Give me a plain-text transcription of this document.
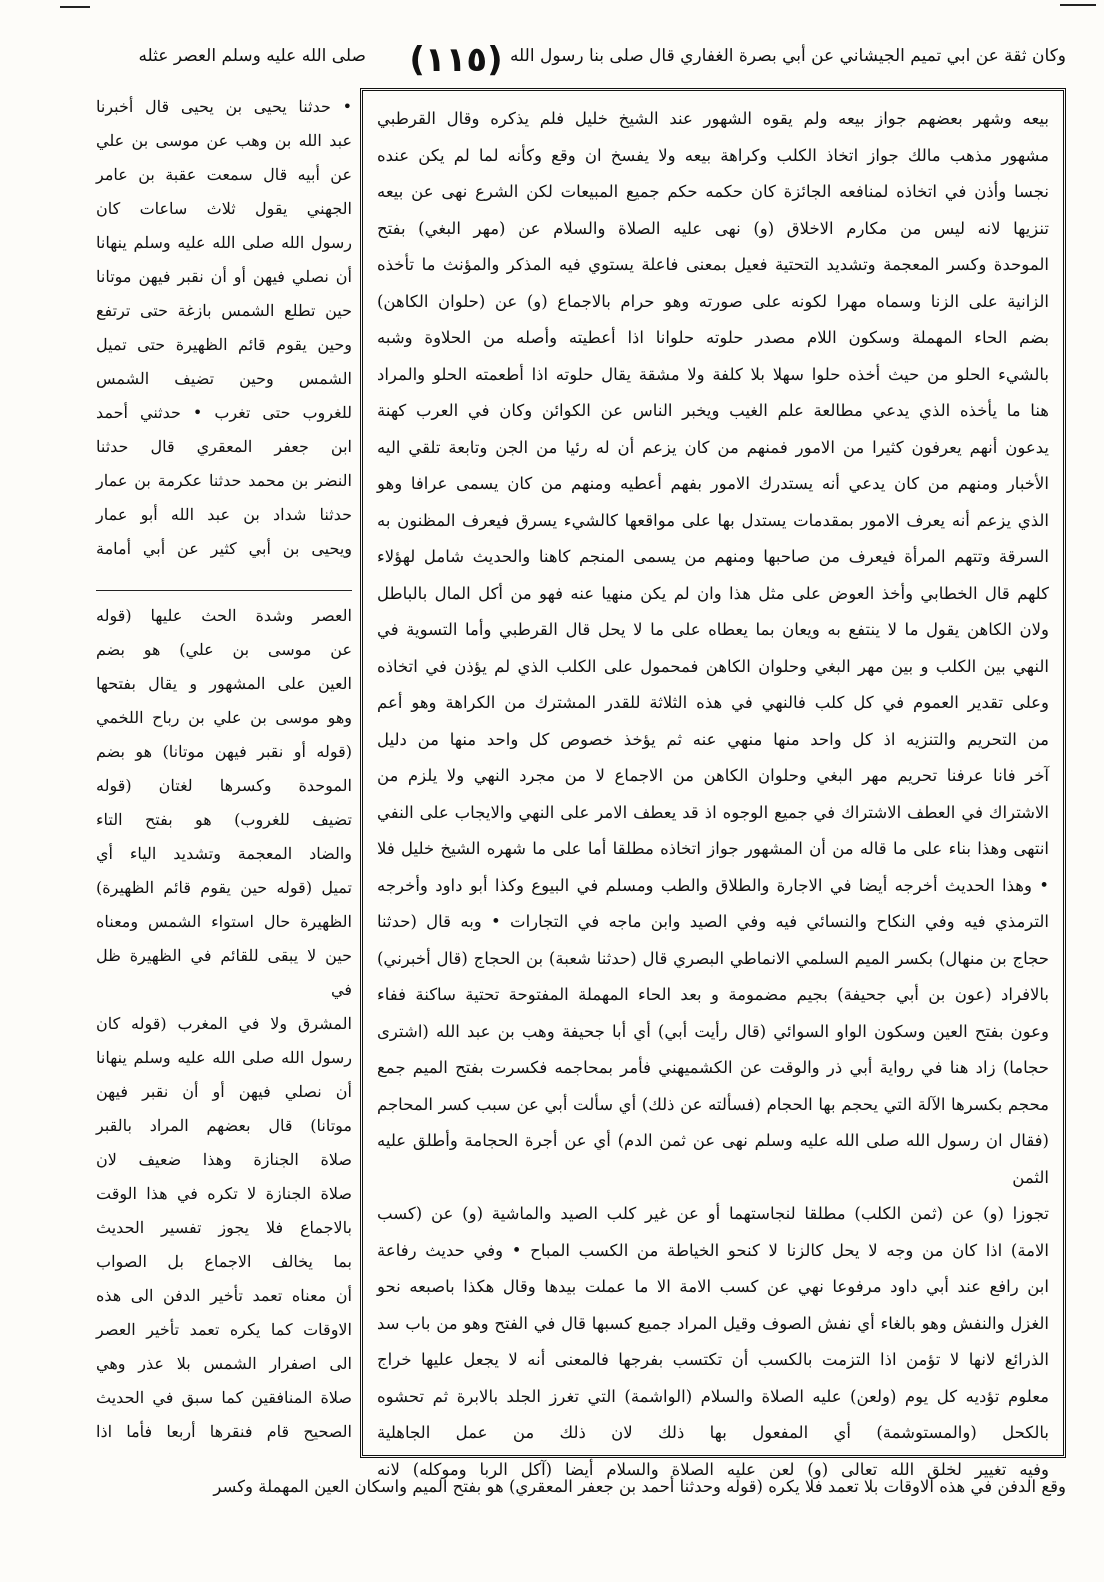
وكان ثقة عن ابي تميم الجيشاني عن أبي بصرة الغفاري قال صلى بنا رسول الله
(١١٥)
صلى الله عليه وسلم العصر عثله

بيعه وشهر بعضهم جواز بيعه ولم يقوه الشهور عند الشيخ خليل فلم يذكره وقال القرطبي

مشهور مذهب مالك جواز اتخاذ الكلب وكراهة بيعه ولا يفسخ ان وقع وكأنه لما لم يكن عنده

نجسا وأذن في اتخاذه لمنافعه الجائزة كان حكمه حكم جميع المبيعات لكن الشرع نهى عن بيعه

تنزيها لانه ليس من مكارم الاخلاق (و) نهى عليه الصلاة والسلام عن (مهر البغي) بفتح

الموحدة وكسر المعجمة وتشديد التحتية فعيل بمعنى فاعلة يستوي فيه المذكر والمؤنث ما تأخذه

الزانية على الزنا وسماه مهرا لكونه على صورته وهو حرام بالاجماع (و) عن (حلوان الكاهن)

بضم الحاء المهملة وسكون اللام مصدر حلوته حلوانا اذا أعطيته وأصله من الحلاوة وشبه

بالشيء الحلو من حيث أخذه حلوا سهلا بلا كلفة ولا مشقة يقال حلوته اذا أطعمته الحلو والمراد

هنا ما يأخذه الذي يدعي مطالعة علم الغيب ويخبر الناس عن الكوائن وكان في العرب كهنة

يدعون أنهم يعرفون كثيرا من الامور فمنهم من كان يزعم أن له رئيا من الجن وتابعة تلقي اليه

الأخبار ومنهم من كان يدعي أنه يستدرك الامور بفهم أعطيه ومنهم من كان يسمى عرافا وهو

الذي يزعم أنه يعرف الامور بمقدمات يستدل بها على مواقعها كالشيء يسرق فيعرف المظنون به

السرقة وتتهم المرأة فيعرف من صاحبها ومنهم من يسمى المنجم كاهنا والحديث شامل لهؤلاء

كلهم قال الخطابي وأخذ العوض على مثل هذا وان لم يكن منهيا عنه فهو من أكل المال بالباطل

ولان الكاهن يقول ما لا ينتفع به ويعان بما يعطاه على ما لا يحل قال القرطبي وأما التسوية في

النهي بين الكلب و بين مهر البغي وحلوان الكاهن فمحمول على الكلب الذي لم يؤذن في اتخاذه

وعلى تقدير العموم في كل كلب فالنهي في هذه الثلاثة للقدر المشترك من الكراهة وهو أعم

من التحريم والتنزيه اذ كل واحد منها منهي عنه ثم يؤخذ خصوص كل واحد منها من دليل

آخر فانا عرفنا تحريم مهر البغي وحلوان الكاهن من الاجماع لا من مجرد النهي ولا يلزم من

الاشتراك في العطف الاشتراك في جميع الوجوه اذ قد يعطف الامر على النهي والايجاب على النفي

انتهى وهذا بناء على ما قاله من أن المشهور جواز اتخاذه مطلقا أما على ما شهره الشيخ خليل فلا

• وهذا الحديث أخرجه أيضا في الاجارة والطلاق والطب ومسلم في البيوع وكذا أبو داود وأخرجه

الترمذي فيه وفي النكاح والنسائي فيه وفي الصيد وابن ماجه في التجارات • وبه قال (حدثنا

حجاج بن منهال) بكسر الميم السلمي الانماطي البصري قال (حدثنا شعبة) بن الحجاج (قال أخبرني)

بالافراد (عون بن أبي جحيفة) بجيم مضمومة و بعد الحاء المهملة المفتوحة تحتية ساكنة ففاء

وعون بفتح العين وسكون الواو السوائي (قال رأيت أبي) أي أبا جحيفة وهب بن عبد الله (اشترى

حجاما) زاد هنا في رواية أبي ذر والوقت عن الكشميهني فأمر بمحاجمه فكسرت بفتح الميم جمع

محجم بكسرها الآلة التي يحجم بها الحجام (فسألته عن ذلك) أي سألت أبي عن سبب كسر المحاجم

(فقال ان رسول الله صلى الله عليه وسلم نهى عن ثمن الدم) أي عن أجرة الحجامة وأطلق عليه الثمن

تجوزا (و) عن (ثمن الكلب) مطلقا لنجاستهما أو عن غير كلب الصيد والماشية (و) عن (كسب

الامة) اذا كان من وجه لا يحل كالزنا لا كنحو الخياطة من الكسب المباح • وفي حديث رفاعة

ابن رافع عند أبي داود مرفوعا نهي عن كسب الامة الا ما عملت بيدها وقال هكذا باصبعه نحو

الغزل والنفش وهو بالغاء أي نفش الصوف وقيل المراد جميع كسبها قال في الفتح وهو من باب سد

الذرائع لانها لا تؤمن اذا التزمت بالكسب أن تكتسب بفرجها فالمعنى أنه لا يجعل عليها خراج

معلوم تؤديه كل يوم (ولعن) عليه الصلاة والسلام (الواشمة) التي تغرز الجلد بالابرة ثم تحشوه

بالكحل (والمستوشمة) أي المفعول بها ذلك لان ذلك من عمل الجاهلية

وفيه تغيير لخلق الله تعالى (و) لعن عليه الصلاة والسلام أيضا (آكل الربا وموكله) لانه

• حدثنا يحيى بن يحيى قال أخبرنا

عبد الله بن وهب عن موسى بن علي

عن أبيه قال سمعت عقبة بن عامر

الجهني يقول ثلاث ساعات كان

رسول الله صلى الله عليه وسلم ينهانا

أن نصلي فيهن أو أن نقبر فيهن موتانا

حين تطلع الشمس بازغة حتى ترتفع

وحين يقوم قائم الظهيرة حتى تميل

الشمس وحين تضيف الشمس

للغروب حتى تغرب • حدثني أحمد

ابن جعفر المعقري قال حدثنا

النضر بن محمد حدثنا عكرمة بن عمار

حدثنا شداد بن عبد الله أبو عمار

ويحيى بن أبي كثير عن أبي أمامة

العصر وشدة الحث عليها (قوله

عن موسى بن علي) هو بضم

العين على المشهور و يقال بفتحها

وهو موسى بن علي بن رباح اللخمي

(قوله أو نقبر فيهن موتانا) هو بضم

الموحدة وكسرها لغتان (قوله

تضيف للغروب) هو بفتح التاء

والضاد المعجمة وتشديد الياء أي

تميل (قوله حين يقوم قائم الظهيرة)

الظهيرة حال استواء الشمس ومعناه

حين لا يبقى للقائم في الظهيرة ظل في

المشرق ولا في المغرب (قوله كان

رسول الله صلى الله عليه وسلم ينهانا

أن نصلي فيهن أو أن نقبر فيهن

موتانا) قال بعضهم المراد بالقبر

صلاة الجنازة وهذا ضعيف لان

صلاة الجنازة لا تكره في هذا الوقت

بالاجماع فلا يجوز تفسير الحديث

بما يخالف الاجماع بل الصواب

أن معناه تعمد تأخير الدفن الى هذه

الاوقات كما يكره تعمد تأخير العصر

الى اصفرار الشمس بلا عذر وهي

صلاة المنافقين كما سبق في الحديث

الصحيح قام فنقرها أربعا فأما اذا

وقع الدفن في هذه الاوقات بلا تعمد فلا يكره (قوله وحدثنا أحمد بن جعفر المعقري) هو بفتح الميم واسكان العين المهملة وكسر
